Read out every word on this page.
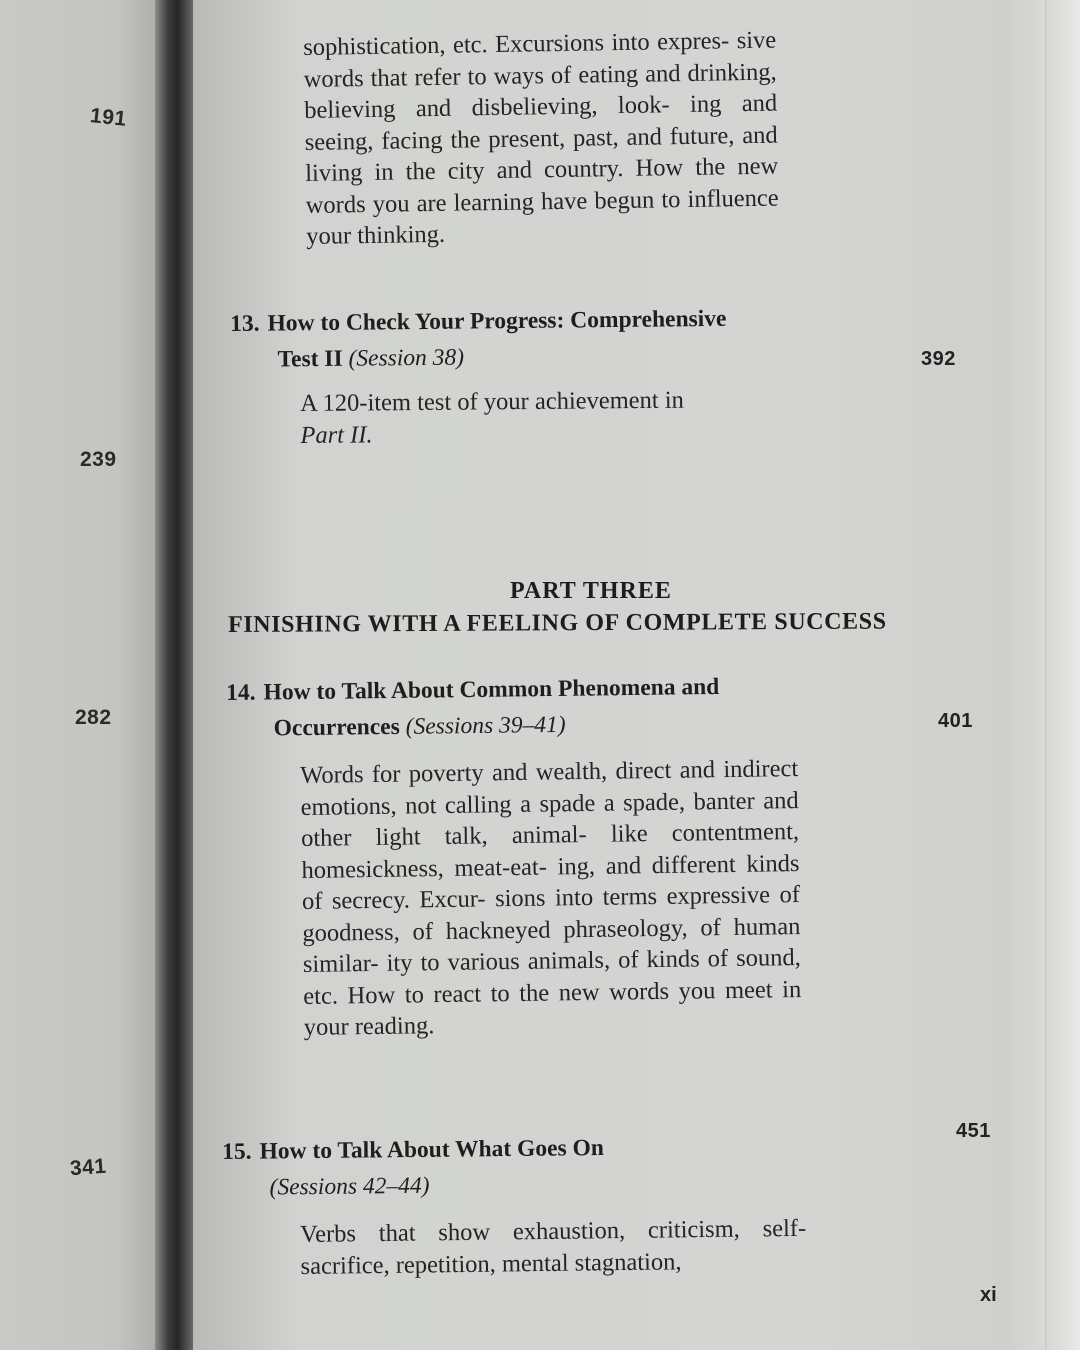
191
239
282
341

sophistication, etc. Excursions into expres- sive words that refer to ways of eating and drinking, believing and disbelieving, look- ing and seeing, facing the present, past, and future, and living in the city and country. How the new words you are learning have begun to influence your thinking.

13. How to Check Your Progress: Comprehensive
Test II (Session 38)	392
A 120-item test of your achievement in
Part II.
PART THREE
FINISHING WITH A FEELING OF COMPLETE SUCCESS
14. How to Talk About Common Phenomena and
Occurrences (Sessions 39–41)	401

Words for poverty and wealth, direct and indirect emotions, not calling a spade a spade, banter and other light talk, animal- like contentment, homesickness, meat-eat- ing, and different kinds of secrecy. Excur- sions into terms expressive of goodness, of hackneyed phraseology, of human similar- ity to various animals, of kinds of sound, etc. How to react to the new words you meet in your reading.

451
15. How to Talk About What Goes On
(Sessions 42–44)

Verbs that show exhaustion, criticism, self- sacrifice, repetition, mental stagnation,

xi
